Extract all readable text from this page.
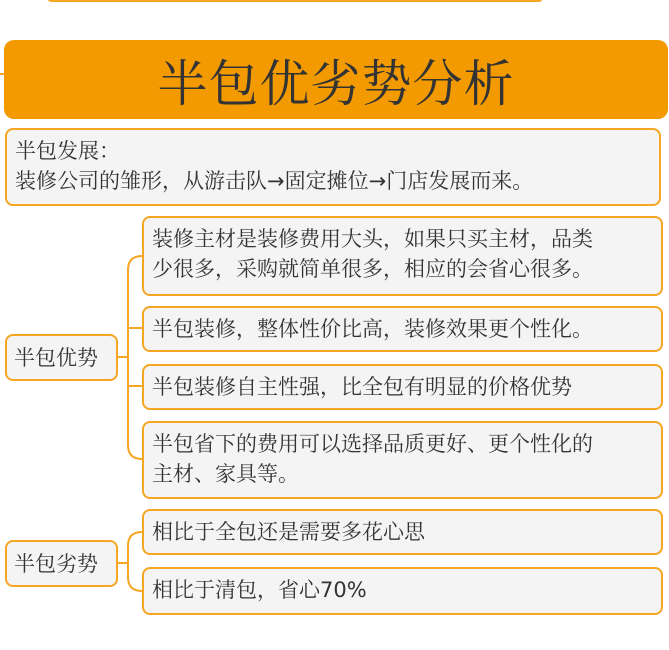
半包优劣势分析
半包发展：
装修公司的雏形，从游击队→固定摊位→门店发展而来。
半包优势
装修主材是装修费用大头，如果只买主材，品类
少很多，采购就简单很多，相应的会省心很多。
半包装修，整体性价比高，装修效果更个性化。
半包装修自主性强，比全包有明显的价格优势
半包省下的费用可以选择品质更好、更个性化的
主材、家具等。
半包劣势
相比于全包还是需要多花心思
相比于清包，省心70%
